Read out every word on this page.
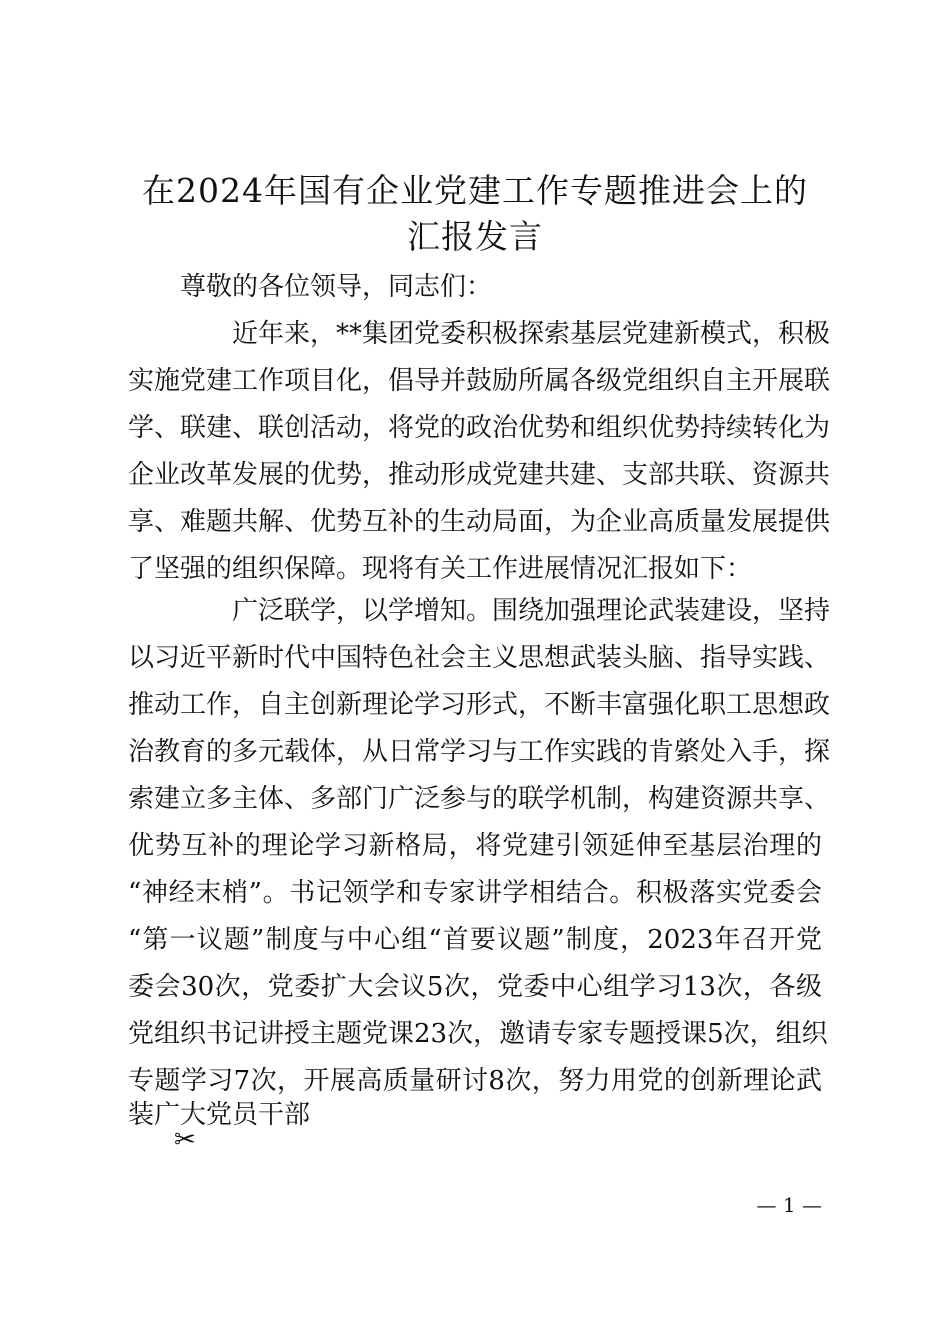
在2024年国有企业党建工作专题推进会上的
汇报发言

尊敬的各位领导，同志们：

近年来，**集团党委积极探索基层党建新模式，积极

实施党建工作项目化，倡导并鼓励所属各级党组织自主开展联

学、联建、联创活动，将党的政治优势和组织优势持续转化为

企业改革发展的优势，推动形成党建共建、支部共联、资源共

享、难题共解、优势互补的生动局面，为企业高质量发展提供

了坚强的组织保障。现将有关工作进展情况汇报如下：

广泛联学，以学增知。围绕加强理论武装建设，坚持

以习近平新时代中国特色社会主义思想武装头脑、指导实践、

推动工作，自主创新理论学习形式，不断丰富强化职工思想政

治教育的多元载体，从日常学习与工作实践的肯綮处入手，探

索建立多主体、多部门广泛参与的联学机制，构建资源共享、

优势互补的理论学习新格局，将党建引领延伸至基层治理的

“神经末梢”。书记领学和专家讲学相结合。积极落实党委会

“第一议题”制度与中心组“首要议题”制度，2023年召开党

委会30次，党委扩大会议5次，党委中心组学习13次，各级

党组织书记讲授主题党课23次，邀请专家专题授课5次，组织

专题学习7次，开展高质量研讨8次，努力用党的创新理论武

装广大党员干部

✂
— 1 —
